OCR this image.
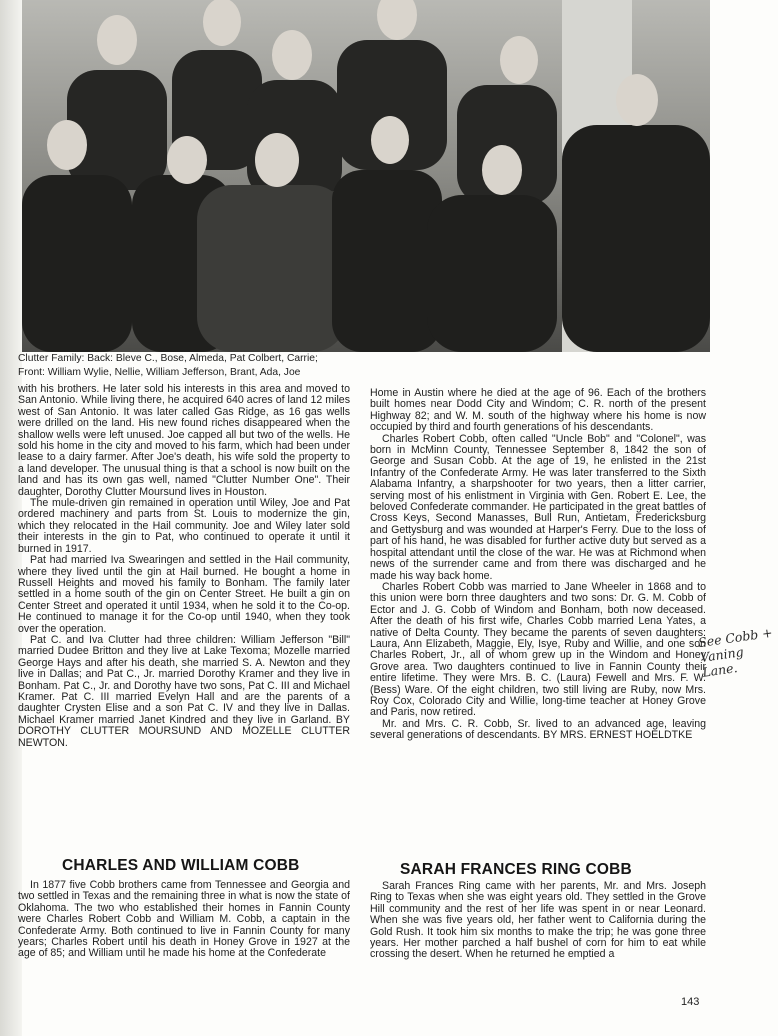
Clutter Family: Back: Bleve C., Bose, Almeda, Pat Colbert, Carrie;
Front: William Wylie, Nellie, William Jefferson, Brant, Ada, Joe

with his brothers. He later sold his interests in this area and moved to San Antonio. While living there, he acquired 640 acres of land 12 miles west of San Antonio. It was later called Gas Ridge, as 16 gas wells were drilled on the land. His new found riches disappeared when the shallow wells were left unused. Joe capped all but two of the wells. He sold his home in the city and moved to his farm, which had been under lease to a dairy farmer. After Joe's death, his wife sold the property to a land developer. The unusual thing is that a school is now built on the land and has its own gas well, named "Clutter Number One". Their daughter, Dorothy Clutter Moursund lives in Houston.

The mule-driven gin remained in operation until Wiley, Joe and Pat ordered machinery and parts from St. Louis to modernize the gin, which they relocated in the Hail community. Joe and Wiley later sold their interests in the gin to Pat, who continued to operate it until it burned in 1917.

Pat had married Iva Swearingen and settled in the Hail community, where they lived until the gin at Hail burned. He bought a home in Russell Heights and moved his family to Bonham. The family later settled in a home south of the gin on Center Street. He built a gin on Center Street and operated it until 1934, when he sold it to the Co-op. He continued to manage it for the Co-op until 1940, when they took over the operation.

Pat C. and Iva Clutter had three children: William Jefferson "Bill" married Dudee Britton and they live at Lake Texoma; Mozelle married George Hays and after his death, she married S. A. Newton and they live in Dallas; and Pat C., Jr. married Dorothy Kramer and they live in Bonham. Pat C., Jr. and Dorothy have two sons, Pat C. III and Michael Kramer. Pat C. III married Evelyn Hall and are the parents of a daughter Crysten Elise and a son Pat C. IV and they live in Dallas. Michael Kramer married Janet Kindred and they live in Garland. BY DOROTHY CLUTTER MOURSUND AND MOZELLE CLUTTER NEWTON.

CHARLES AND WILLIAM COBB

In 1877 five Cobb brothers came from Tennessee and Georgia and two settled in Texas and the remaining three in what is now the state of Oklahoma. The two who established their homes in Fannin County were Charles Robert Cobb and William M. Cobb, a captain in the Confederate Army. Both continued to live in Fannin County for many years; Charles Robert until his death in Honey Grove in 1927 at the age of 85; and William until he made his home at the Confederate

Home in Austin where he died at the age of 96. Each of the brothers built homes near Dodd City and Windom; C. R. north of the present Highway 82; and W. M. south of the highway where his home is now occupied by third and fourth generations of his descendants.

Charles Robert Cobb, often called "Uncle Bob" and "Colonel", was born in McMinn County, Tennessee September 8, 1842 the son of George and Susan Cobb. At the age of 19, he enlisted in the 21st Infantry of the Confederate Army. He was later transferred to the Sixth Alabama Infantry, a sharpshooter for two years, then a litter carrier, serving most of his enlistment in Virginia with Gen. Robert E. Lee, the beloved Confederate commander. He participated in the great battles of Cross Keys, Second Manasses, Bull Run, Antietam, Fredericksburg and Gettysburg and was wounded at Harper's Ferry. Due to the loss of part of his hand, he was disabled for further active duty but served as a hospital attendant until the close of the war. He was at Richmond when news of the surrender came and from there was discharged and he made his way back home.

Charles Robert Cobb was married to Jane Wheeler in 1868 and to this union were born three daughters and two sons: Dr. G. M. Cobb of Ector and J. G. Cobb of Windom and Bonham, both now deceased. After the death of his first wife, Charles Cobb married Lena Yates, a native of Delta County. They became the parents of seven daughters: Laura, Ann Elizabeth, Maggie, Ely, Isye, Ruby and Willie, and one son Charles Robert, Jr., all of whom grew up in the Windom and Honey Grove area. Two daughters continued to live in Fannin County their entire lifetime. They were Mrs. B. C. (Laura) Fewell and Mrs. F. W. (Bess) Ware. Of the eight children, two still living are Ruby, now Mrs. Roy Cox, Colorado City and Willie, long-time teacher at Honey Grove and Paris, now retired.

Mr. and Mrs. C. R. Cobb, Sr. lived to an advanced age, leaving several generations of descendants. BY MRS. ERNEST HOELDTKE

SARAH FRANCES RING COBB

Sarah Frances Ring came with her parents, Mr. and Mrs. Joseph Ring to Texas when she was eight years old. They settled in the Grove Hill community and the rest of her life was spent in or near Leonard. When she was five years old, her father went to California during the Gold Rush. It took him six months to make the trip; he was gone three years. Her mother parched a half bushel of corn for him to eat while crossing the desert. When he returned he emptied a

See Cobb +
Vaning
Lane.
143
